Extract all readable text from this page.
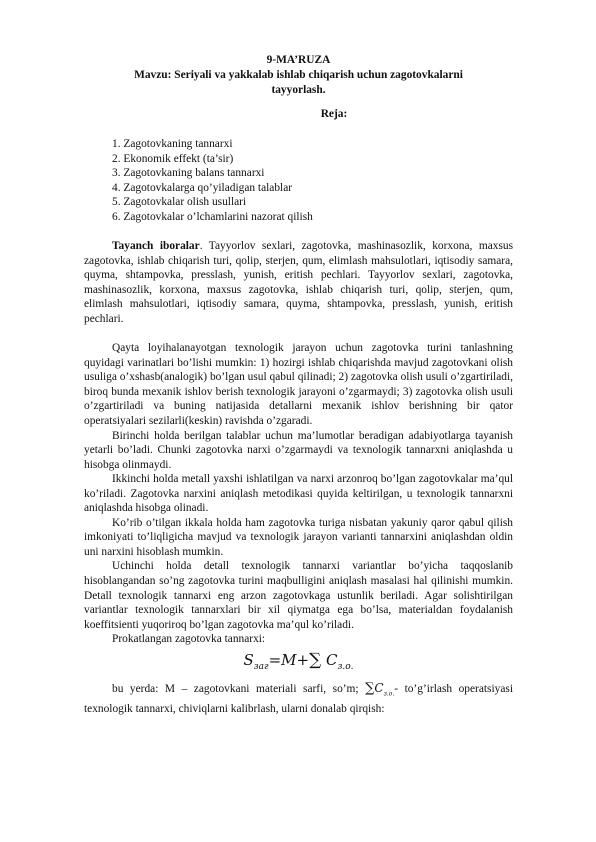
9-MA’RUZA
Mavzu: Seriyali va yakkalab ishlab chiqarish uchun zagotovkalarni
tayyorlash.
Reja:
1. Zagotovkaning tannarxi
2. Ekonomik effekt (ta’sir)
3. Zagotovkaning balans tannarxi
4. Zagotovkalarga qo’yiladigan talablar
5. Zagotovkalar olish usullari
6. Zagotovkalar o’lchamlarini nazorat qilish

Tayanch iboralar. Tayyorlov sexlari, zagotovka, mashinasozlik, korxona, maxsus zagotovka, ishlab chiqarish turi, qolip, sterjen, qum, elimlash mahsulotlari, iqtisodiy samara, quyma, shtampovka, presslash, yunish, eritish pechlari. Tayyorlov sexlari, zagotovka, mashinasozlik, korxona, maxsus zagotovka, ishlab chiqarish turi, qolip, sterjen, qum, elimlash mahsulotlari, iqtisodiy samara, quyma, shtampovka, presslash, yunish, eritish pechlari.

Qayta loyihalanayotgan texnologik jarayon uchun zagotovka turini tanlashning quyidagi varinatlari bo’lishi mumkin: 1) hozirgi ishlab chiqarishda mavjud zagotovkani olish usuliga o’xshasb(analogik) bo’lgan usul qabul qilinadi; 2) zagotovka olish usuli o’zgartiriladi, biroq bunda mexanik ishlov berish texnologik jarayoni o’zgarmaydi; 3) zagotovka olish usuli o’zgartiriladi va buning natijasida detallarni mexanik ishlov berishning bir qator operatsiyalari sezilarli(keskin) ravishda o’zgaradi.

Birinchi holda berilgan talablar uchun ma’lumotlar beradigan adabiyotlarga tayanish yetarli bo’ladi. Chunki zagotovka narxi o’zgarmaydi va texnologik tannarxni aniqlashda u hisobga olinmaydi.

Ikkinchi holda metall yaxshi ishlatilgan va narxi arzonroq bo’lgan zagotovkalar ma’qul ko’riladi. Zagotovka narxini aniqlash metodikasi quyida keltirilgan, u texnologik tannarxni aniqlashda hisobga olinadi.

Ko’rib o’tilgan ikkala holda ham zagotovka turiga nisbatan yakuniy qaror qabul qilish imkoniyati to’liqligicha mavjud va texnologik jarayon varianti tannarxini aniqlashdan oldin uni narxini hisoblash mumkin.

Uchinchi holda detall texnologik tannarxi variantlar bo’yicha taqqoslanib hisoblangandan so’ng zagotovka turini maqbulligini aniqlash masalasi hal qilinishi mumkin. Detall texnologik tannarxi eng arzon zagotovkaga ustunlik beriladi. Agar solishtirilgan variantlar texnologik tannarxlari bir xil qiymatga ega bo’lsa, materialdan foydalanish koeffitsienti yuqoriroq bo’lgan zagotovka ma’qul ko’riladi.

Prokatlangan zagotovka tannarxi:

$S_{заг}=M+\sum$ $C_{з.о.}$

bu yerda: M – zagotovkani materiali sarfi, so’m; $\sum C_{з.о.}-$ to’g’irlash operatsiyasi texnologik tannarxi, chiviqlarni kalibrlash, ularni donalab qirqish:
